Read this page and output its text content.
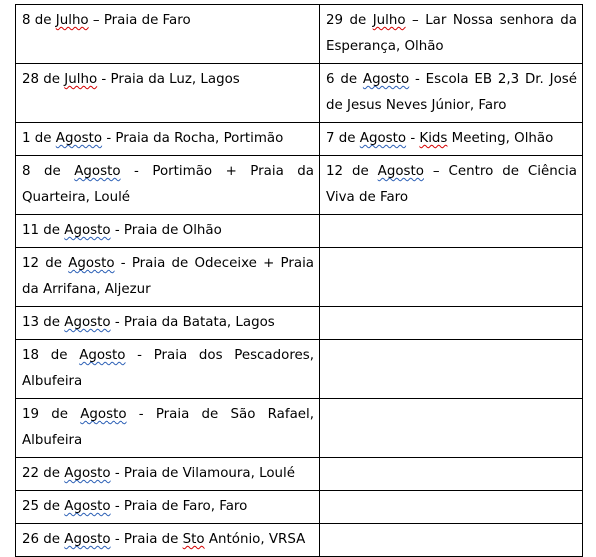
8 de Julho – Praia de Faro	29 de Julho – Lar Nossa senhora da Esperança, Olhão
28 de Julho - Praia da Luz, Lagos	6 de Agosto - Escola EB 2,3 Dr. José de Jesus Neves Júnior, Faro
1 de Agosto - Praia da Rocha, Portimão	7 de Agosto - Kids Meeting, Olhão
8 de Agosto - Portimão + Praia da Quarteira, Loulé	12 de Agosto – Centro de Ciência Viva de Faro
11 de Agosto - Praia de Olhão	
12 de Agosto - Praia de Odeceixe + Praia da Arrifana, Aljezur	
13 de Agosto - Praia da Batata, Lagos	
18 de Agosto - Praia dos Pescadores, Albufeira	
19 de Agosto - Praia de São Rafael, Albufeira	
22 de Agosto - Praia de Vilamoura, Loulé	
25 de Agosto - Praia de Faro, Faro	
26 de Agosto - Praia de Sto António, VRSA	
